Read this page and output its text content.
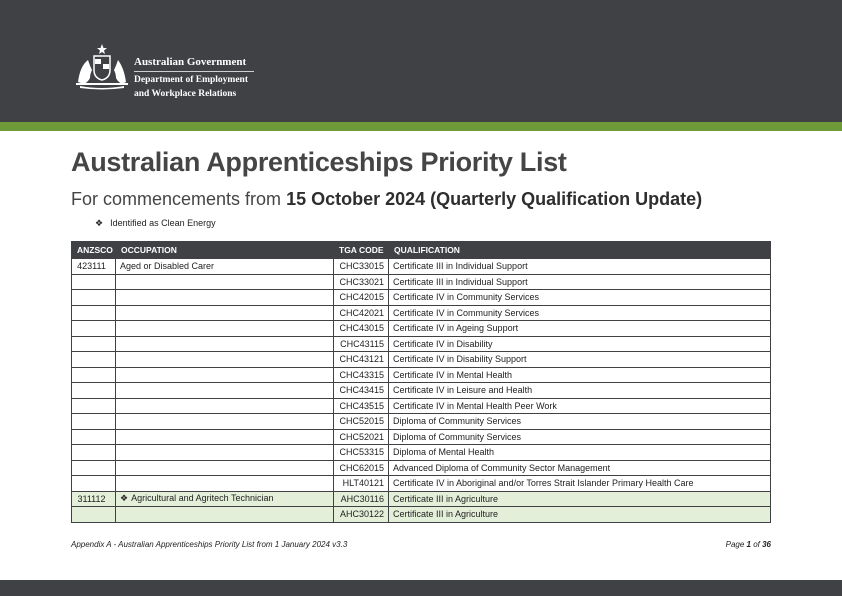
Australian Government
Department of Employment
and Workplace Relations
Australian Apprenticeships Priority List

For commencements from 15 October 2024 (Quarterly Qualification Update)

❖ Identified as Clean Energy
ANZSCO	OCCUPATION	TGA CODE	QUALIFICATION
423111	Aged or Disabled Carer	CHC33015	Certificate III in Individual Support
		CHC33021	Certificate III in Individual Support
		CHC42015	Certificate IV in Community Services
		CHC42021	Certificate IV in Community Services
		CHC43015	Certificate IV in Ageing Support
		CHC43115	Certificate IV in Disability
		CHC43121	Certificate IV in Disability Support
		CHC43315	Certificate IV in Mental Health
		CHC43415	Certificate IV in Leisure and Health
		CHC43515	Certificate IV in Mental Health Peer Work
		CHC52015	Diploma of Community Services
		CHC52021	Diploma of Community Services
		CHC53315	Diploma of Mental Health
		CHC62015	Advanced Diploma of Community Sector Management
		HLT40121	Certificate IV in Aboriginal and/or Torres Strait Islander Primary Health Care
311112	❖ Agricultural and Agritech Technician	AHC30116	Certificate III in Agriculture
		AHC30122	Certificate III in Agriculture
Appendix A - Australian Apprenticeships Priority List from 1 January 2024 v3.3	Page 1 of 36
